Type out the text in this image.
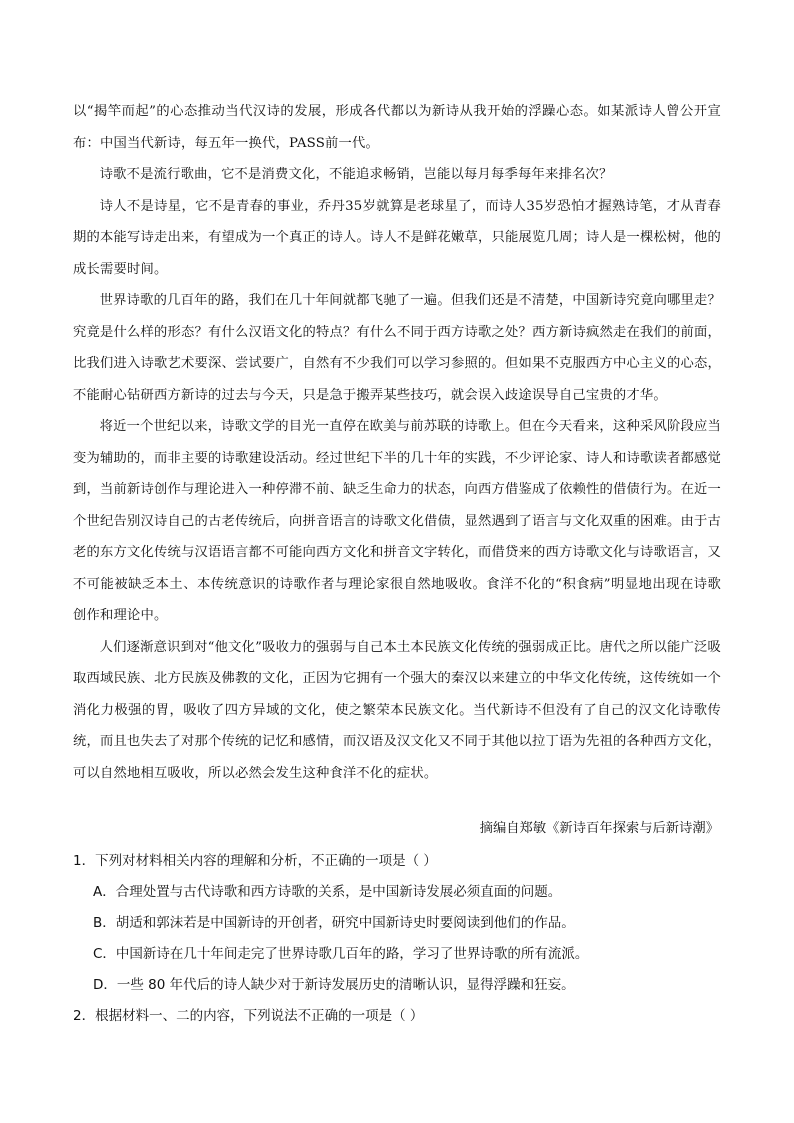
以“揭竿而起”的心态推动当代汉诗的发展，形成各代都以为新诗从我开始的浮躁心态。如某派诗人曾公开宣布：中国当代新诗，每五年一换代，PASS前一代。

诗歌不是流行歌曲，它不是消费文化，不能追求畅销，岂能以每月每季每年来排名次？

诗人不是诗星，它不是青春的事业，乔丹35岁就算是老球星了，而诗人35岁恐怕才握熟诗笔，才从青春期的本能写诗走出来，有望成为一个真正的诗人。诗人不是鲜花嫩草，只能展览几周；诗人是一棵松树，他的成长需要时间。

世界诗歌的几百年的路，我们在几十年间就都飞驰了一遍。但我们还是不清楚，中国新诗究竟向哪里走？究竟是什么样的形态？有什么汉语文化的特点？有什么不同于西方诗歌之处？西方新诗疯然走在我们的前面，比我们进入诗歌艺术要深、尝试要广，自然有不少我们可以学习参照的。但如果不克服西方中心主义的心态，不能耐心钻研西方新诗的过去与今天，只是急于搬弄某些技巧，就会误入歧途误导自己宝贵的才华。

将近一个世纪以来，诗歌文学的目光一直停在欧美与前苏联的诗歌上。但在今天看来，这种采风阶段应当变为辅助的，而非主要的诗歌建设活动。经过世纪下半的几十年的实践，不少评论家、诗人和诗歌读者都感觉到，当前新诗创作与理论进入一种停滞不前、缺乏生命力的状态，向西方借鉴成了依赖性的借债行为。在近一个世纪告别汉诗自己的古老传统后，向拼音语言的诗歌文化借债，显然遇到了语言与文化双重的困难。由于古老的东方文化传统与汉语语言都不可能向西方文化和拼音文字转化，而借贷来的西方诗歌文化与诗歌语言，又不可能被缺乏本土、本传统意识的诗歌作者与理论家很自然地吸收。食洋不化的“积食病”明显地出现在诗歌创作和理论中。

人们逐渐意识到对“他文化”吸收力的强弱与自己本土本民族文化传统的强弱成正比。唐代之所以能广泛吸取西域民族、北方民族及佛教的文化，正因为它拥有一个强大的秦汉以来建立的中华文化传统，这传统如一个消化力极强的胃，吸收了四方异域的文化，使之繁荣本民族文化。当代新诗不但没有了自己的汉文化诗歌传统，而且也失去了对那个传统的记忆和感情，而汉语及汉文化又不同于其他以拉丁语为先祖的各种西方文化，可以自然地相互吸收，所以必然会发生这种食洋不化的症状。

摘编自郑敏《新诗百年探索与后新诗潮》

1．下列对材料相关内容的理解和分析，不正确的一项是（ ）

A．合理处置与古代诗歌和西方诗歌的关系，是中国新诗发展必须直面的问题。

B．胡适和郭沫若是中国新诗的开创者，研究中国新诗史时要阅读到他们的作品。

C．中国新诗在几十年间走完了世界诗歌几百年的路，学习了世界诗歌的所有流派。

D．一些 80 年代后的诗人缺少对于新诗发展历史的清晰认识，显得浮躁和狂妄。

2．根据材料一、二的内容，下列说法不正确的一项是（ ）
